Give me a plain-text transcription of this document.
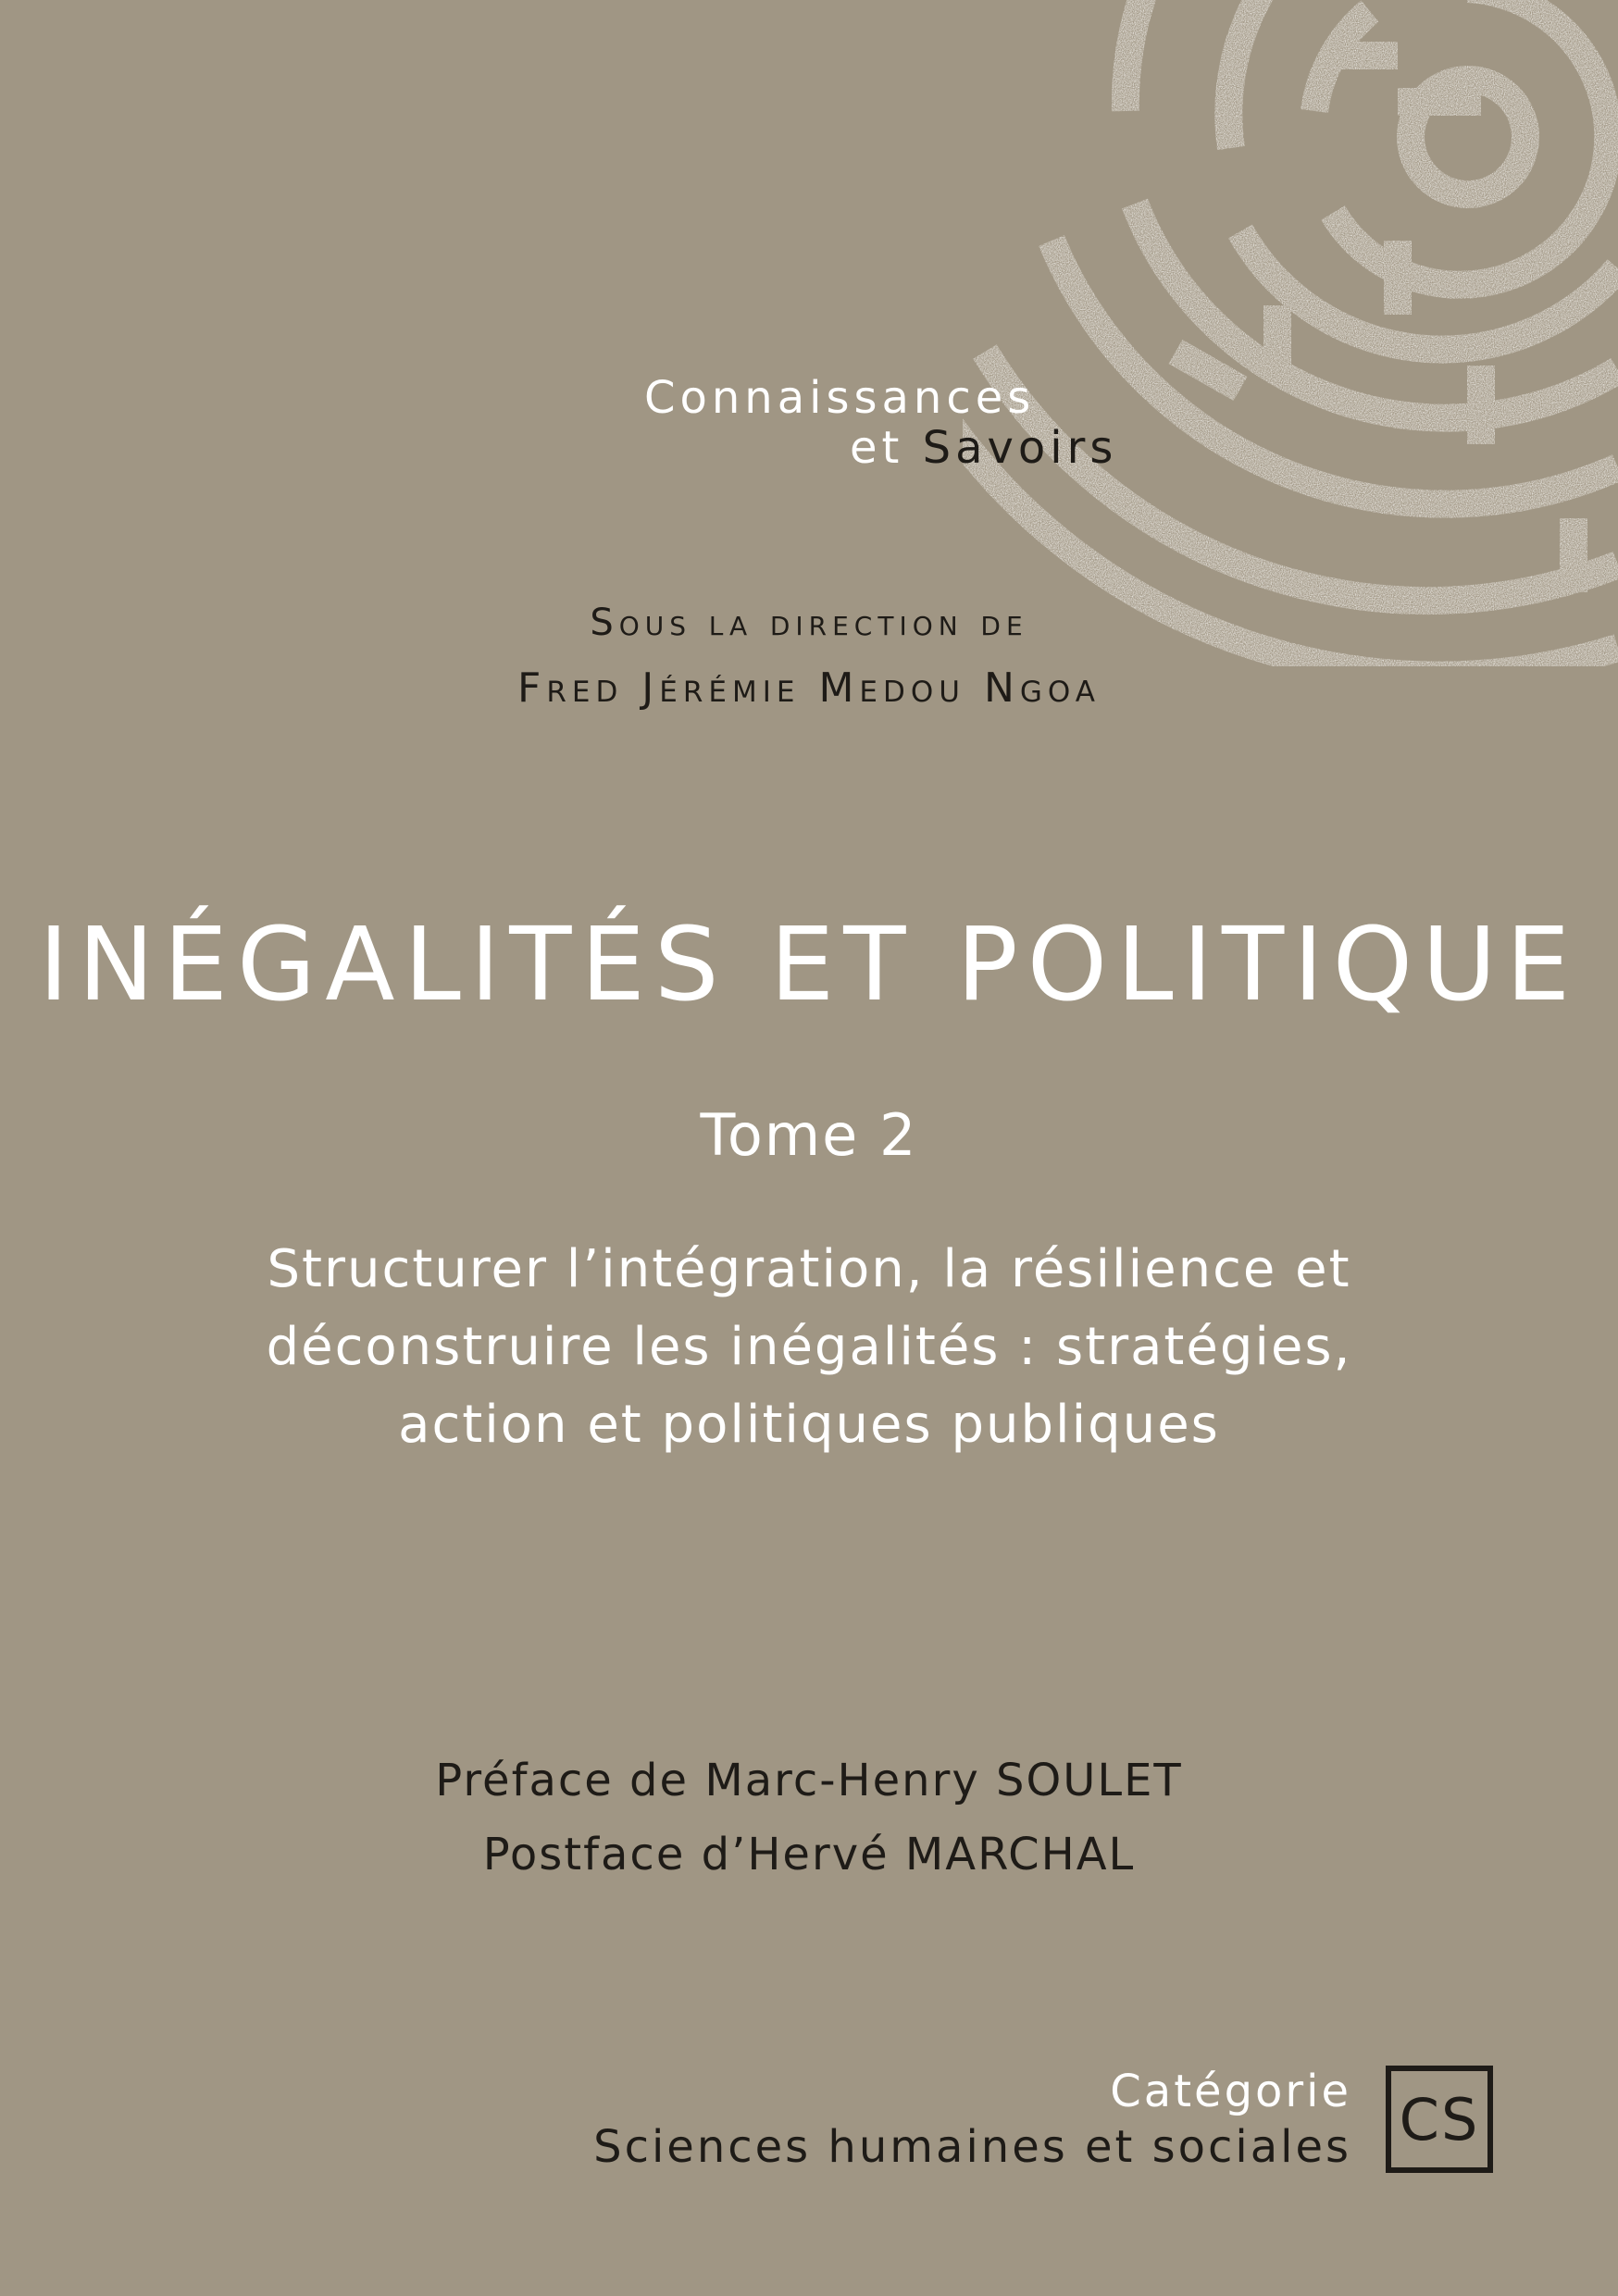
Connaissances
et Savoirs
Sous la direction de
Fred Jérémie Medou Ngoa
INÉGALITÉS ET POLITIQUE
Tome 2
Structurer l’intégration, la résilience et
déconstruire les inégalités : stratégies,
action et politiques publiques
Préface de Marc-Henry SOULET
Postface d’Hervé MARCHAL
Catégorie
Sciences humaines et sociales CS
